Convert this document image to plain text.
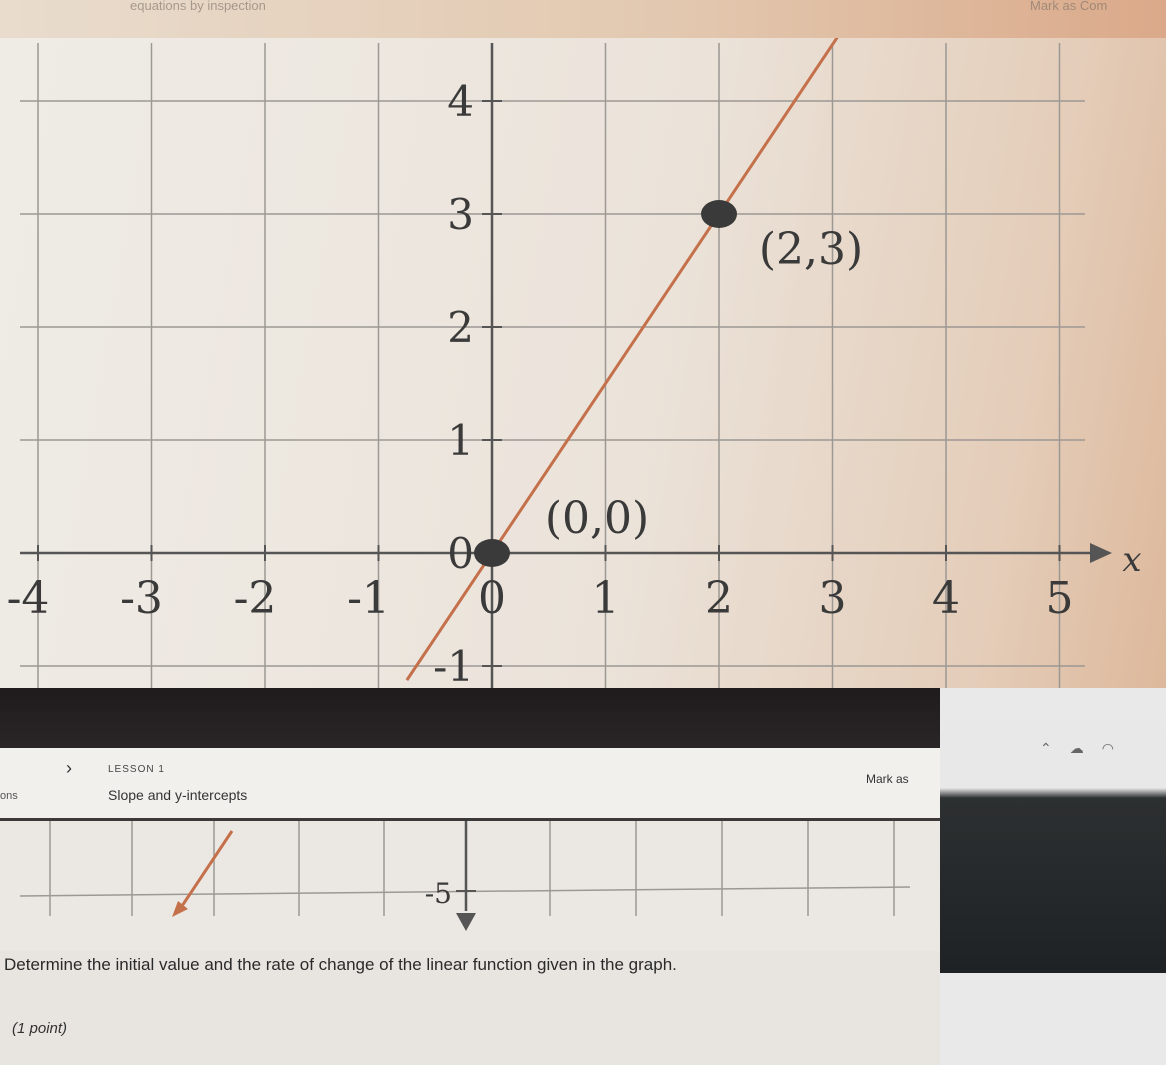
equations by inspection	Mark as Com
-4 -3 -2 -1 0 1 2 3 4 5
4
3
2
1
0
-1
x
(0,0)
(2,3)
⌃☁◠
ons
›	LESSON 1
Slope and y-intercepts
Mark as
-5
Determine the initial value and the rate of change of the linear function given in the graph.
(1 point)
